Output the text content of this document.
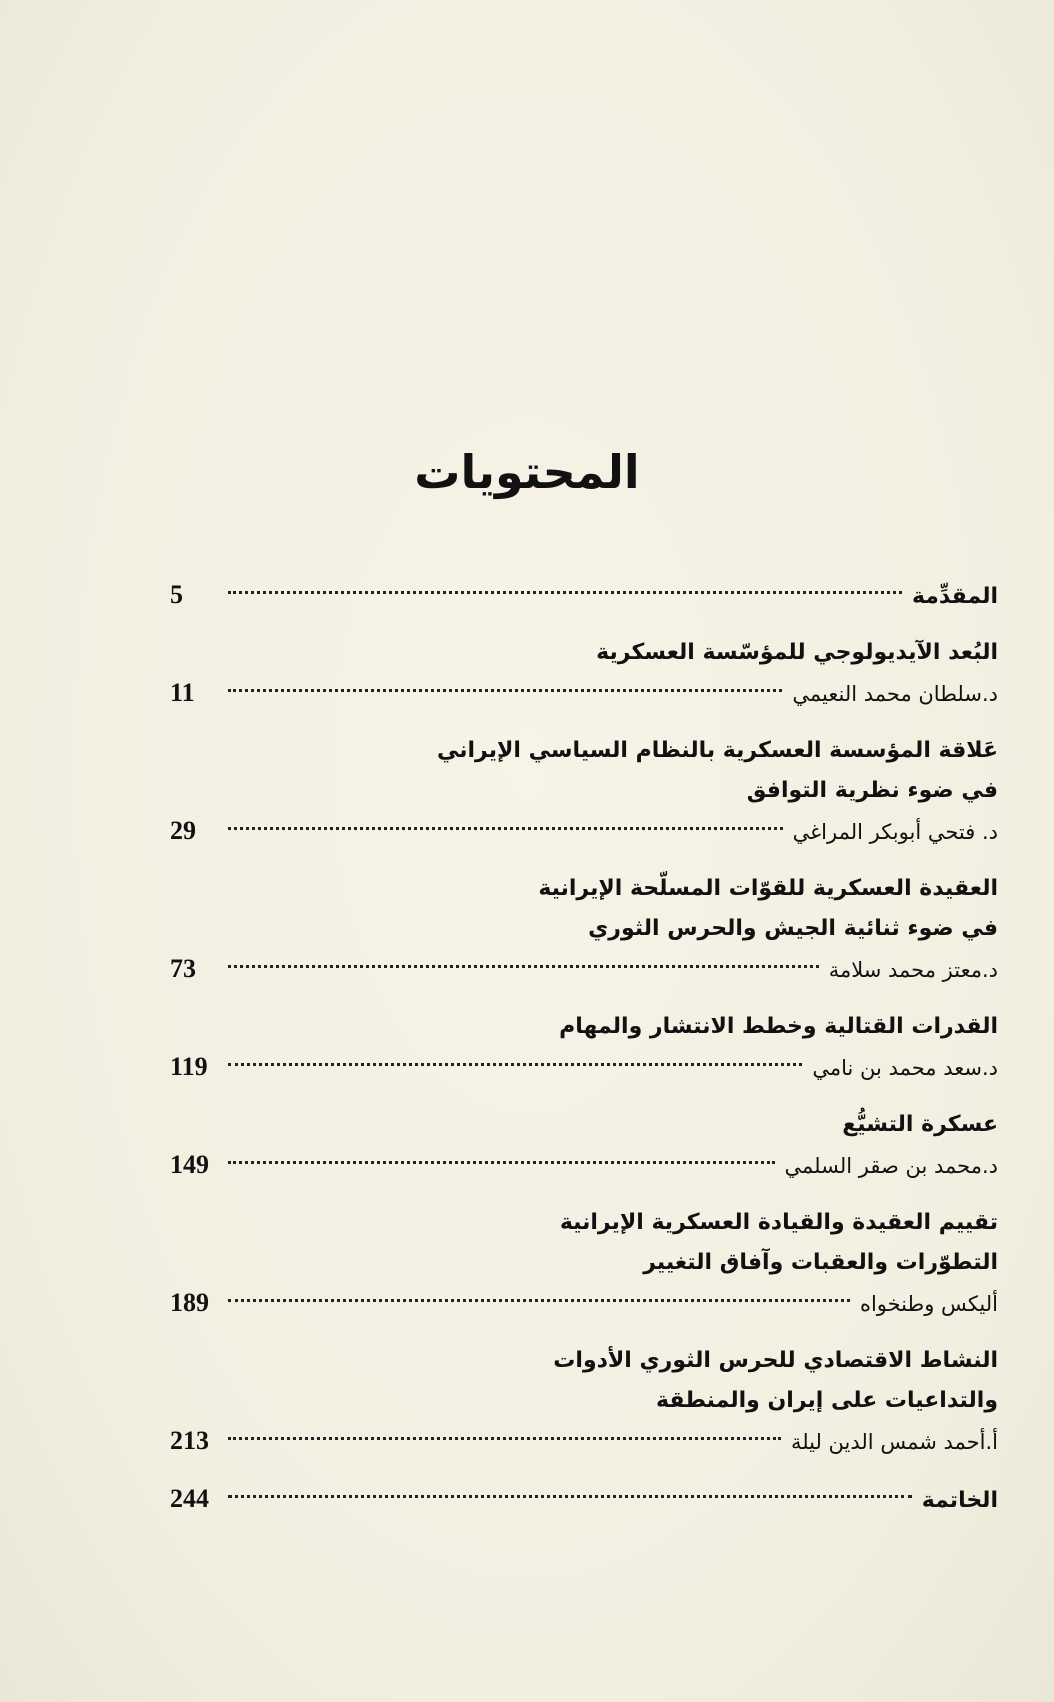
المحتويات
المقدِّمة
5
البُعد الآيديولوجي للمؤسّسة العسكرية
د.سلطان محمد النعيمي
11
عَلاقة المؤسسة العسكرية بالنظام السياسي الإيراني
في ضوء نظرية التوافق
د. فتحي أبوبكر المراغي
29
العقيدة العسكرية للقوّات المسلّحة الإيرانية
في ضوء ثنائية الجيش والحرس الثوري
د.معتز محمد سلامة
73
القدرات القتالية وخطط الانتشار والمهام
د.سعد محمد بن نامي
119
عسكرة التشيُّع
د.محمد بن صقر السلمي
149
تقييم العقيدة والقيادة العسكرية الإيرانية
التطوّرات والعقبات وآفاق التغيير
أليكس وطنخواه
189
النشاط الاقتصادي للحرس الثوري الأدوات
والتداعيات على إيران والمنطقة
أ.أحمد شمس الدين ليلة
213
الخاتمة
244
